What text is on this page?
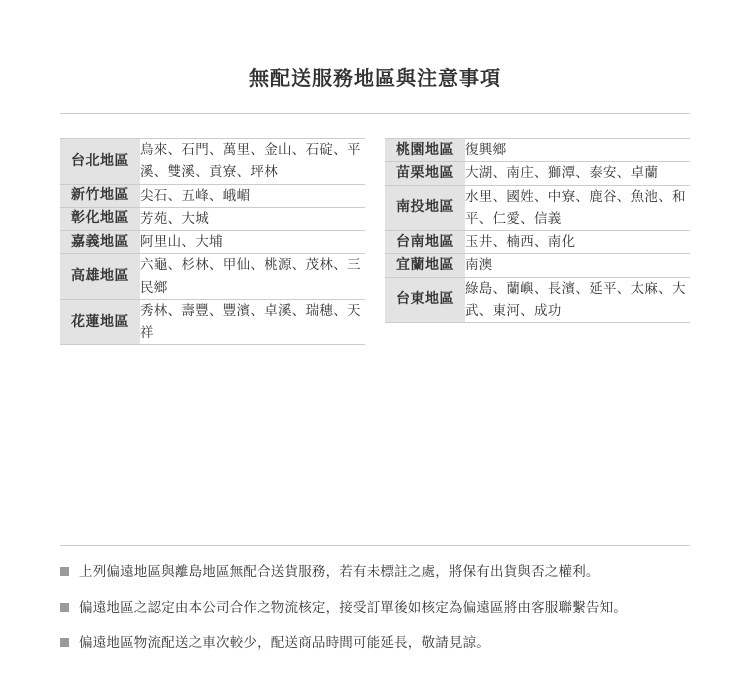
無配送服務地區與注意事項
台北地區	烏來、石門、萬里、金山、石碇、平溪、雙溪、貢寮、坪林
新竹地區	尖石、五峰、峨嵋
彰化地區	芳苑、大城
嘉義地區	阿里山、大埔
高雄地區	六龜、杉林、甲仙、桃源、茂林、三民鄉
花蓮地區	秀林、壽豐、豐濱、卓溪、瑞穗、天祥
桃園地區	復興鄉
苗栗地區	大湖、南庄、獅潭、泰安、卓蘭
南投地區	水里、國姓、中寮、鹿谷、魚池、和平、仁愛、信義
台南地區	玉井、楠西、南化
宜蘭地區	南澳
台東地區	綠島、蘭嶼、長濱、延平、太麻、大武、東河、成功
上列偏遠地區與離島地區無配合送貨服務，若有未標註之處，將保有出貨與否之權利。
偏遠地區之認定由本公司合作之物流核定，接受訂單後如核定為偏遠區將由客服聯繫告知。
偏遠地區物流配送之車次較少，配送商品時間可能延長，敬請見諒。
